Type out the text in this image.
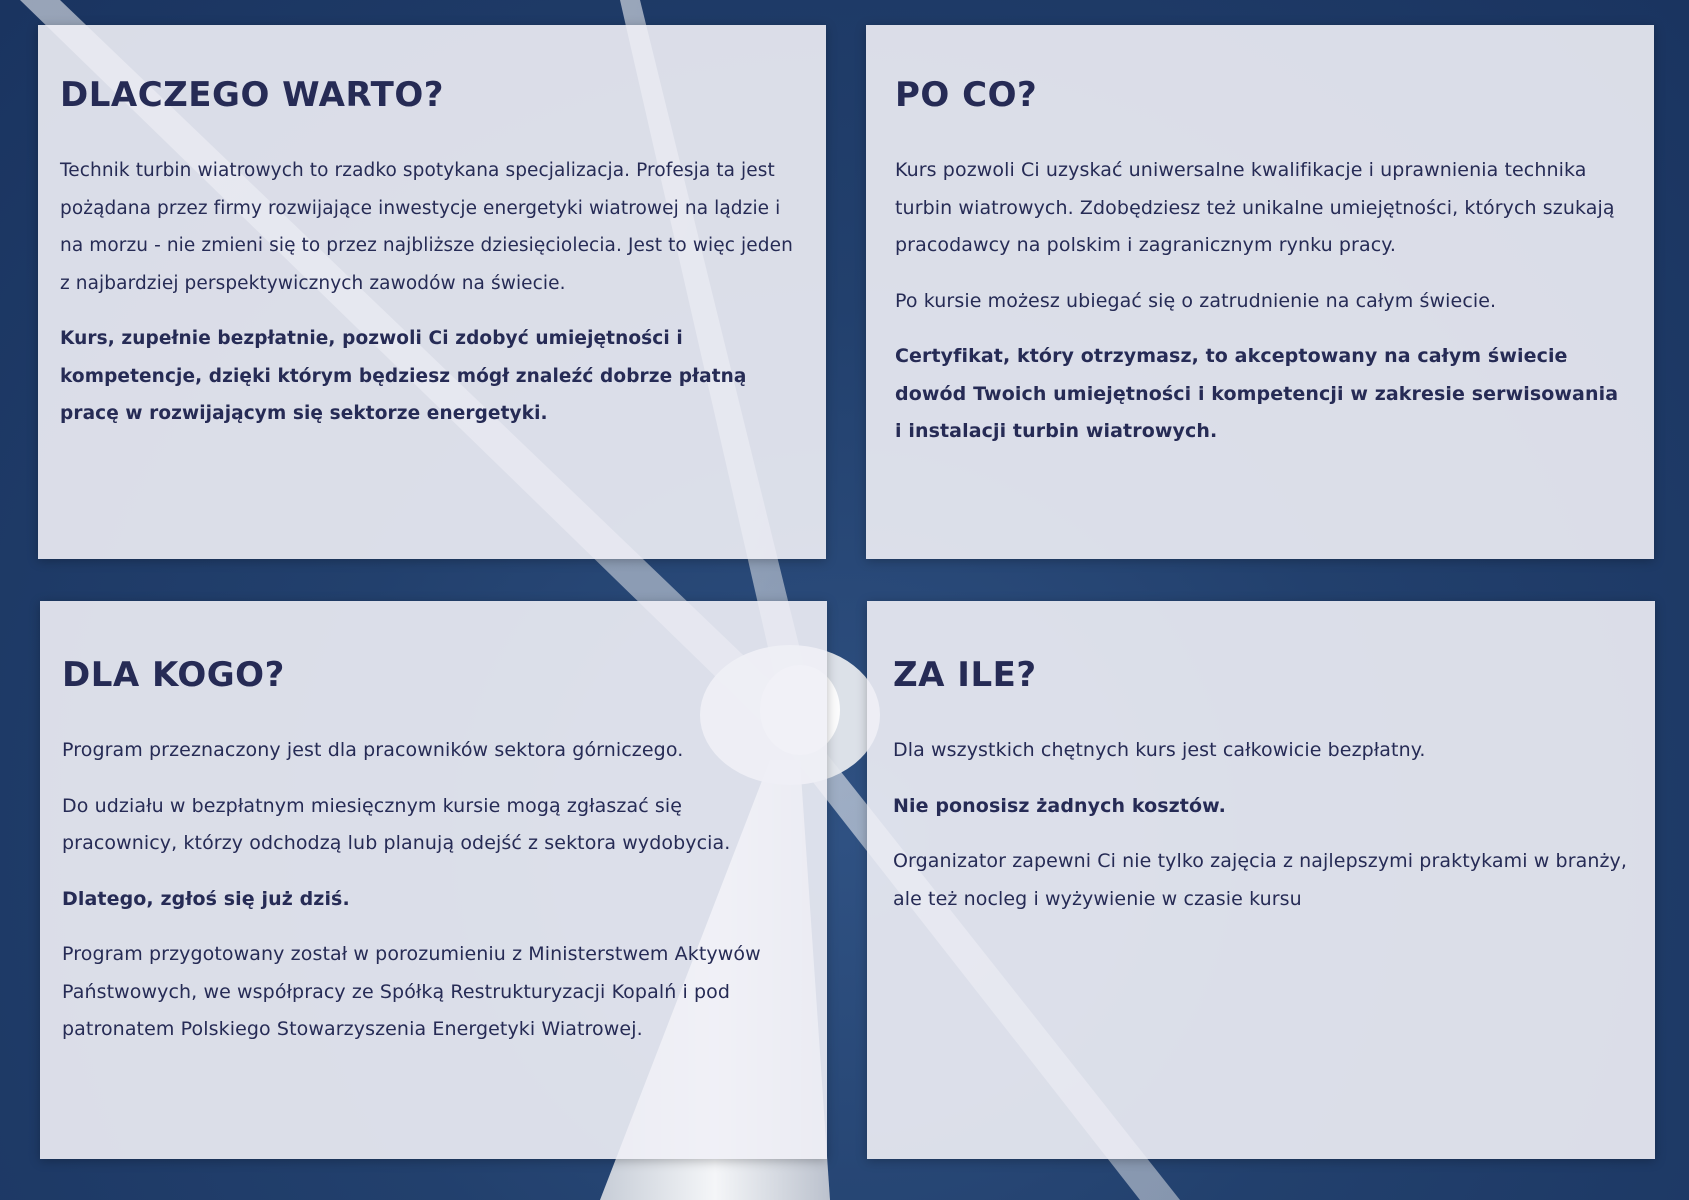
DLACZEGO WARTO?

Technik turbin wiatrowych to rzadko spotykana specjalizacja. Profesja ta jest pożądana przez firmy rozwijające inwestycje energetyki wiatrowej na lądzie i na morzu - nie zmieni się to przez najbliższe dziesięciolecia. Jest to więc jeden z najbardziej perspektywicznych zawodów na świecie.

Kurs, zupełnie bezpłatnie, pozwoli Ci zdobyć umiejętności i kompetencje, dzięki którym będziesz mógł znaleźć dobrze płatną pracę w rozwijającym się sektorze energetyki.

PO CO?

Kurs pozwoli Ci uzyskać uniwersalne kwalifikacje i uprawnienia technika turbin wiatrowych. Zdobędziesz też unikalne umiejętności, których szukają pracodawcy na polskim i zagranicznym rynku pracy.

Po kursie możesz ubiegać się o zatrudnienie na całym świecie.

Certyfikat, który otrzymasz, to akceptowany na całym świecie dowód Twoich umiejętności i kompetencji w zakresie serwisowania i instalacji turbin wiatrowych.

DLA KOGO?

Program przeznaczony jest dla pracowników sektora górniczego.

Do udziału w bezpłatnym miesięcznym kursie mogą zgłaszać się pracownicy, którzy odchodzą lub planują odejść z sektora wydobycia.

Dlatego, zgłoś się już dziś.

Program przygotowany został w porozumieniu z Ministerstwem Aktywów Państwowych, we współpracy ze Spółką Restrukturyzacji Kopalń i pod patronatem Polskiego Stowarzyszenia Energetyki Wiatrowej.

ZA ILE?

Dla wszystkich chętnych kurs jest całkowicie bezpłatny.

Nie ponosisz żadnych kosztów.

Organizator zapewni Ci nie tylko zajęcia z najlepszymi praktykami w branży, ale też nocleg i wyżywienie w czasie kursu
